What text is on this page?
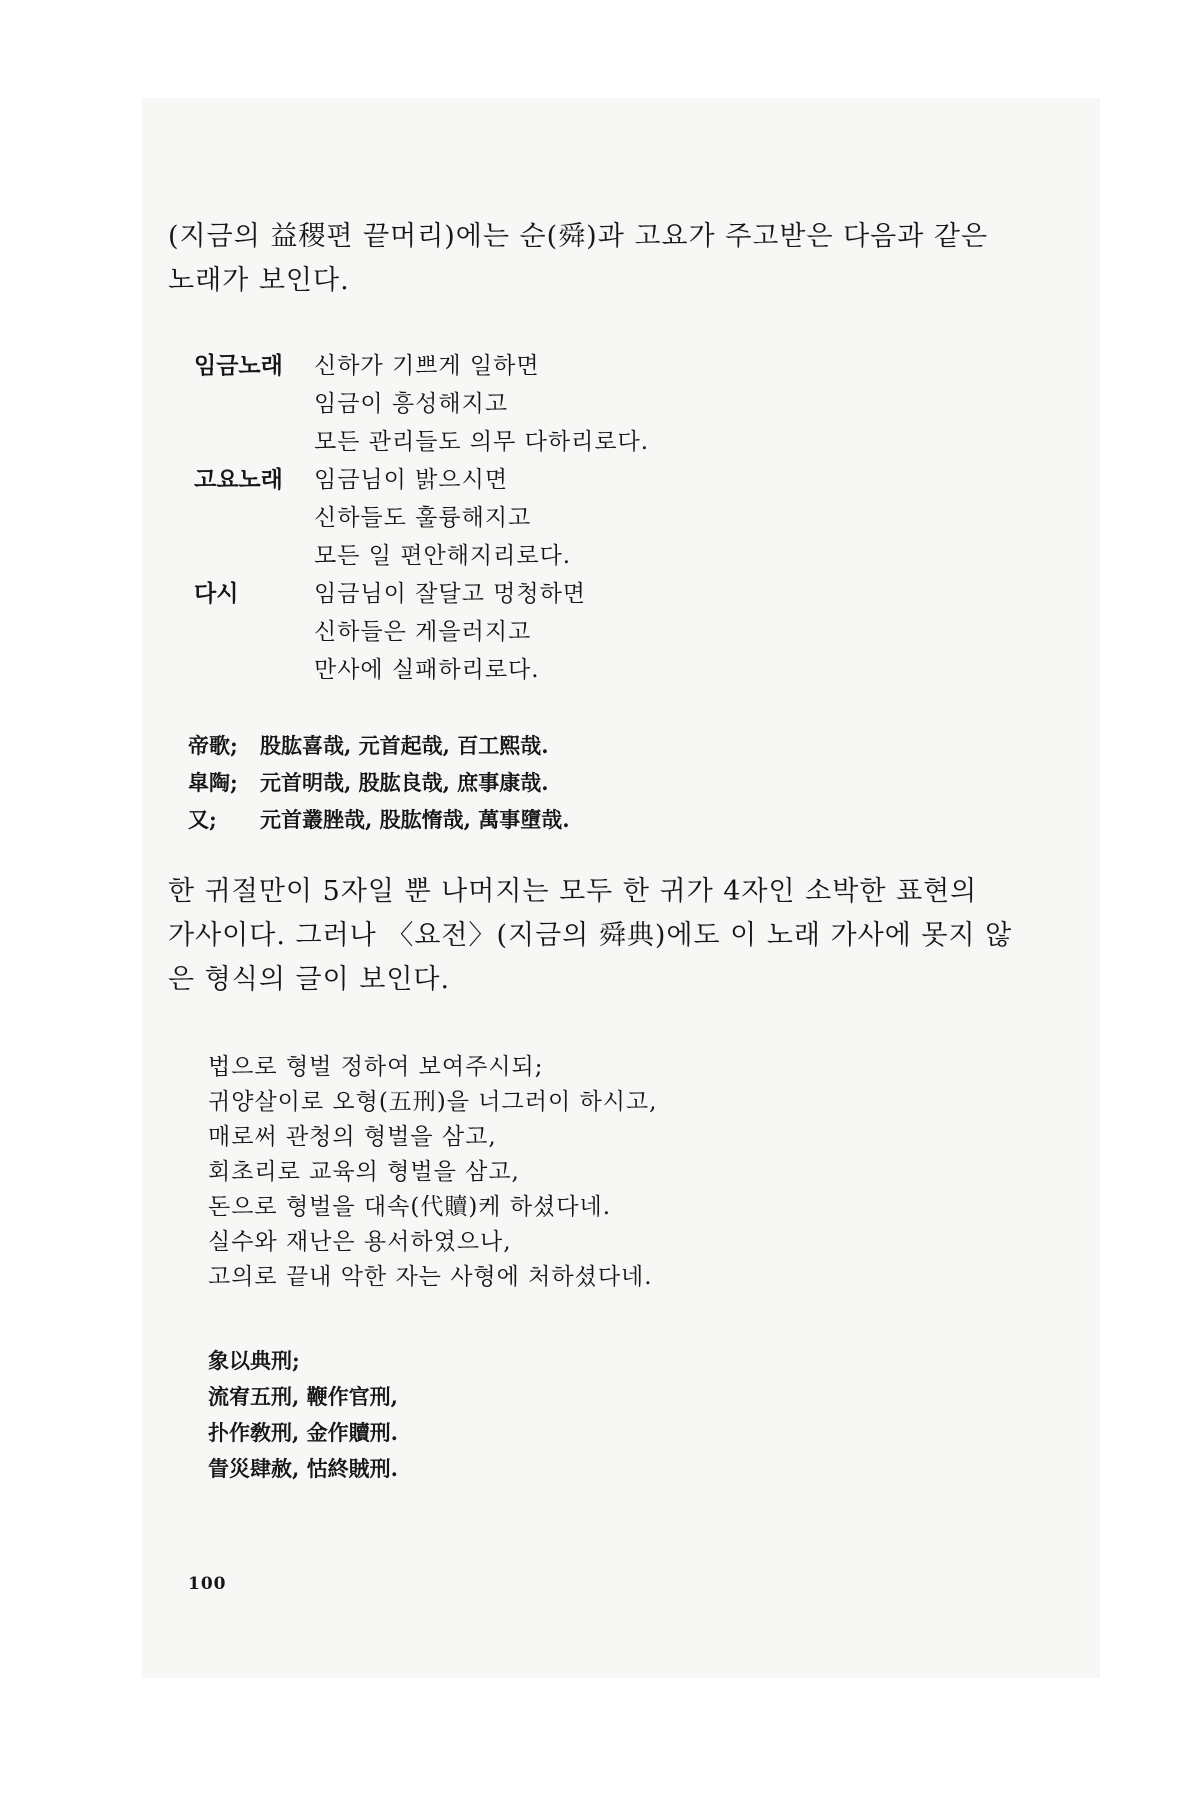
(지금의 益稷편 끝머리)에는 순(舜)과 고요가 주고받은 다음과 같은

노래가 보인다.

임금노래	신하가 기쁘게 일하면
임금이 흥성해지고
모든 관리들도 의무 다하리로다.
고요노래	임금님이 밝으시면
신하들도 훌륭해지고
모든 일 편안해지리로다.
다시	임금님이 잘달고 멍청하면
신하들은 게을러지고
만사에 실패하리로다.
帝歌;	股肱喜哉, 元首起哉, 百工熙哉.
皐陶;	元首明哉, 股肱良哉, 庶事康哉.
又;	元首叢脞哉, 股肱惰哉, 萬事墮哉.

한 귀절만이 5자일 뿐 나머지는 모두 한 귀가 4자인 소박한 표현의

가사이다. 그러나 〈요전〉(지금의 舜典)에도 이 노래 가사에 못지 않

은 형식의 글이 보인다.

법으로 형벌 정하여 보여주시되;
귀양살이로 오형(五刑)을 너그러이 하시고,
매로써 관청의 형벌을 삼고,
회초리로 교육의 형벌을 삼고,
돈으로 형벌을 대속(代贖)케 하셨다네.
실수와 재난은 용서하였으나,
고의로 끝내 악한 자는 사형에 처하셨다네.
象以典刑;
流宥五刑, 鞭作官刑,
扑作敎刑, 金作贖刑.
眚災肆赦, 怙終賊刑.
100
